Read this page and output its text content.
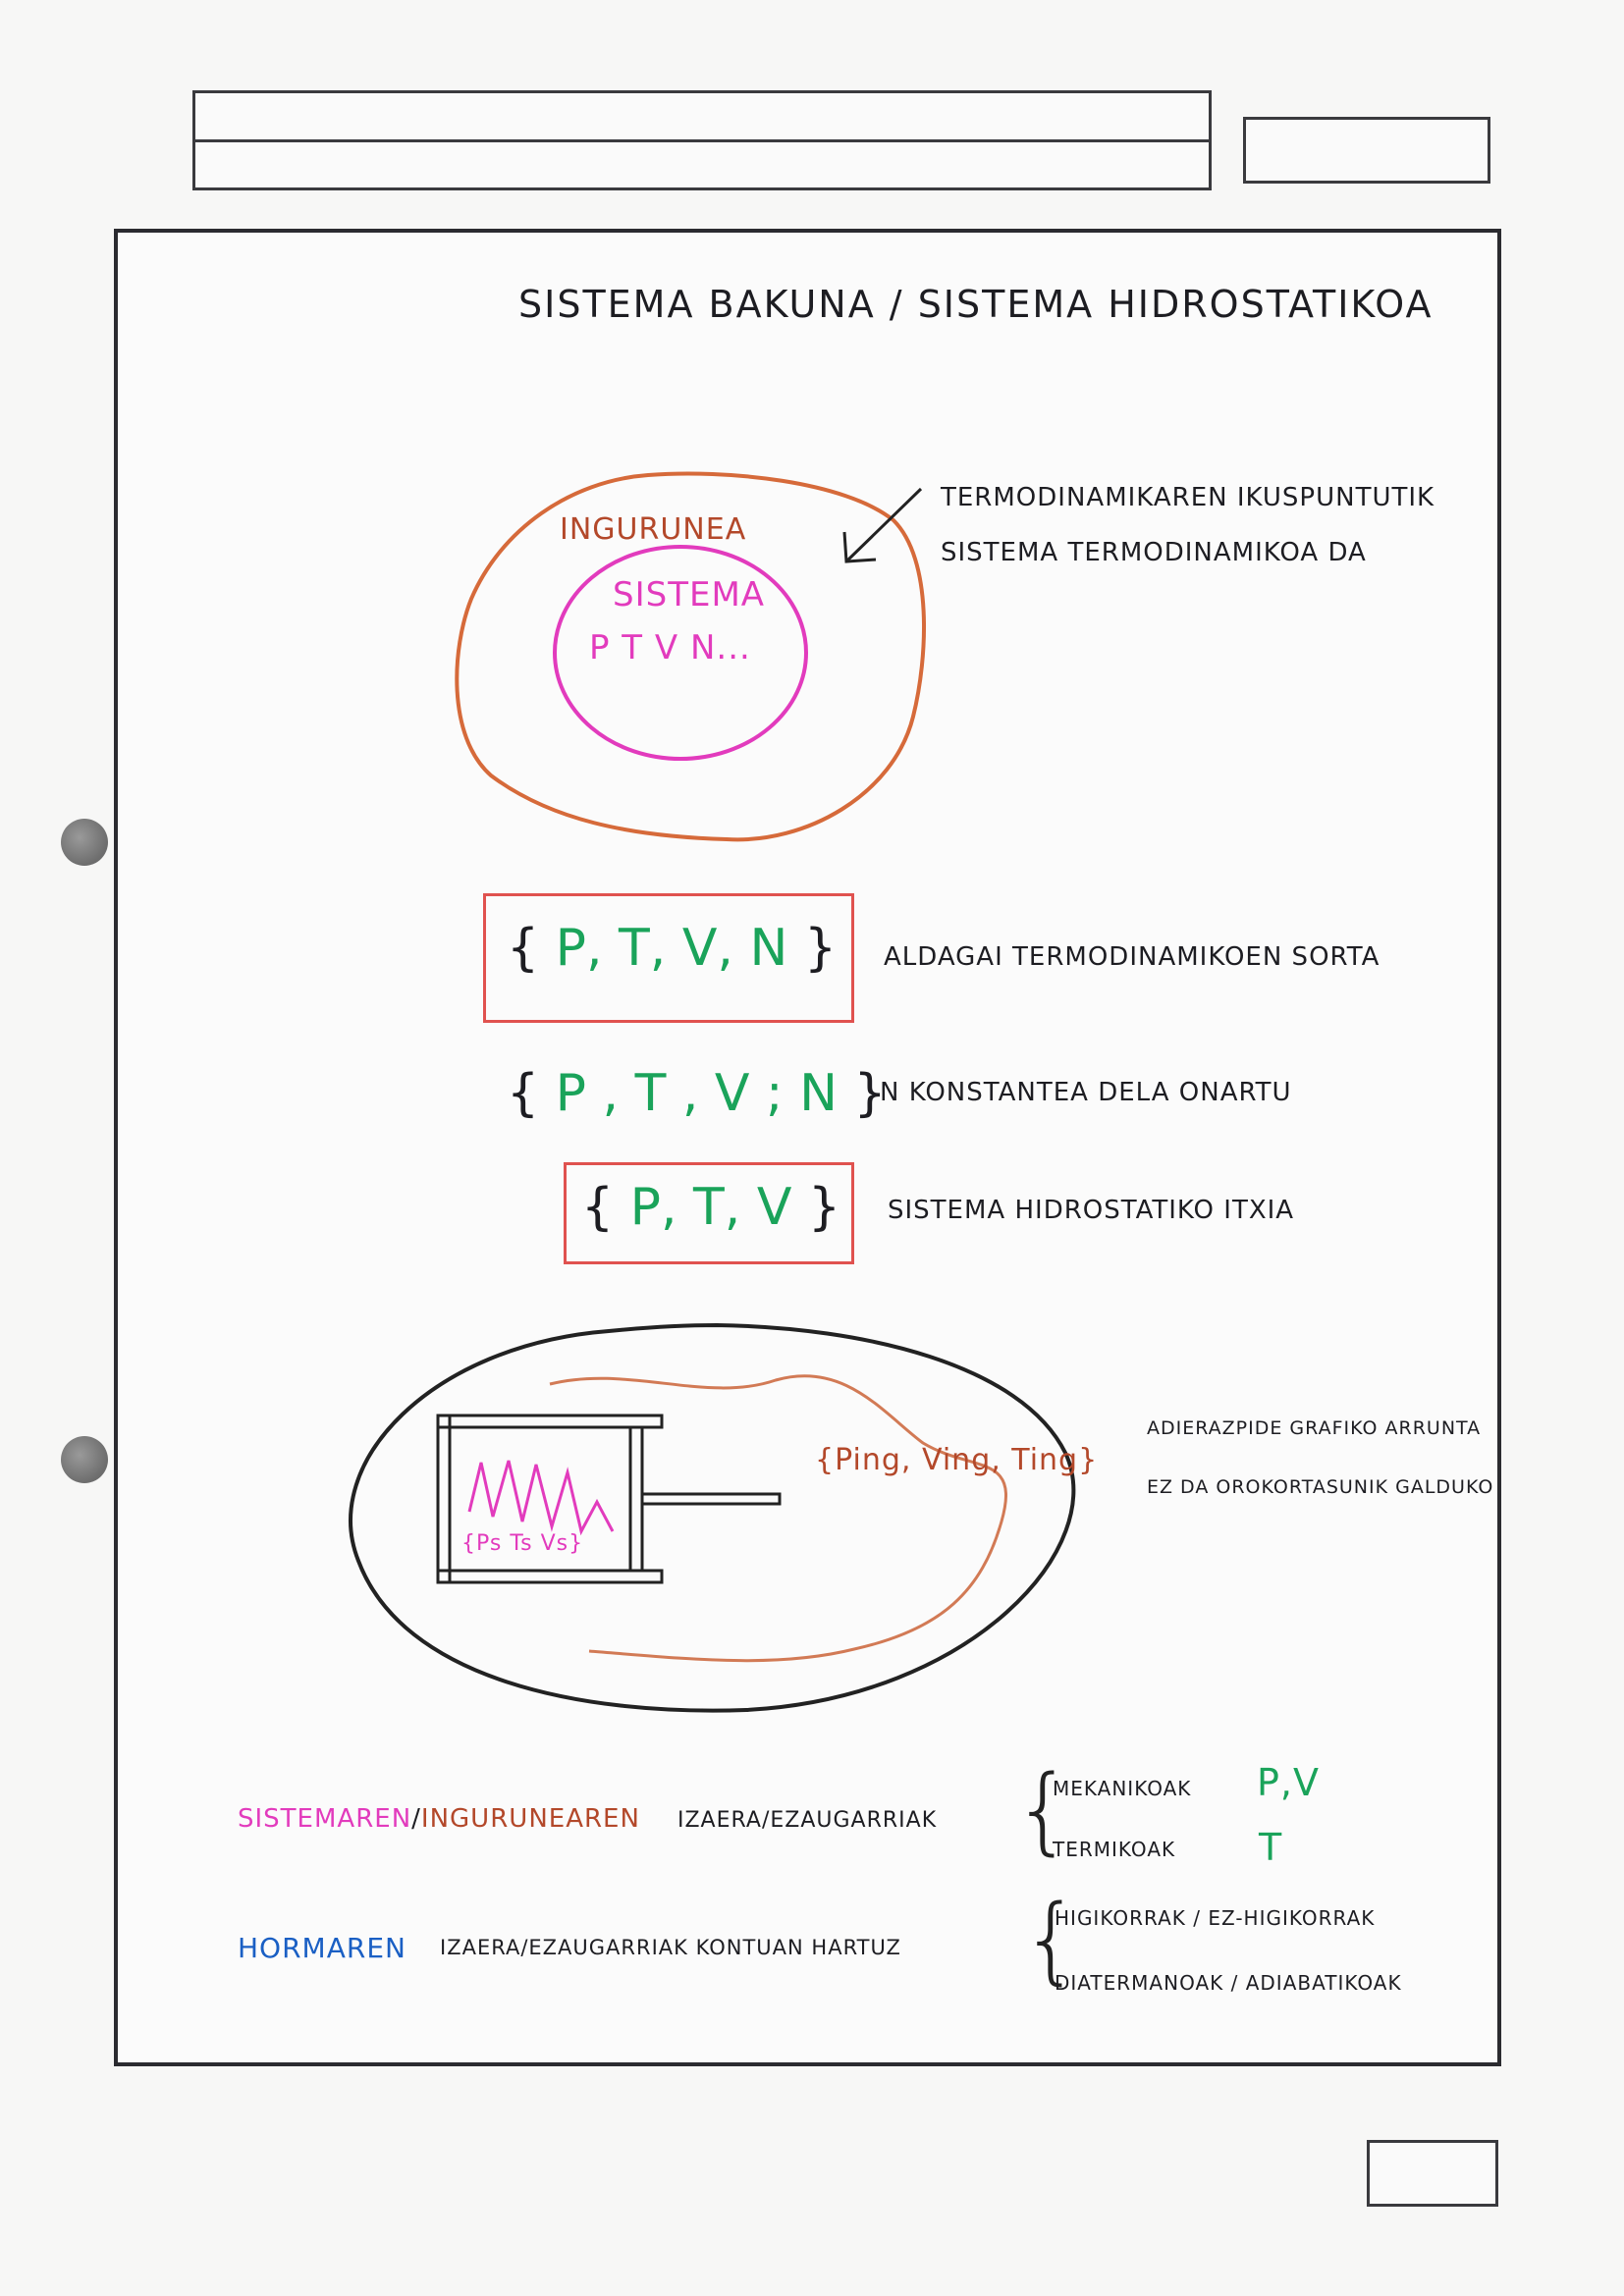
SISTEMA BAKUNA / SISTEMA HIDROSTATIKOA
INGURUNEA
SISTEMA
P T V N...
TERMODINAMIKAREN IKUSPUNTUTIK
SISTEMA TERMODINAMIKOA DA
{ P, T, V, N } ALDAGAI TERMODINAMIKOEN SORTA
{ P , T , V ; N }
N KONSTANTEA DELA ONARTU
{ P, T, V } SISTEMA HIDROSTATIKO ITXIA
{Ps Ts Vs}
{Ping, Ving, Ting}
ADIERAZPIDE GRAFIKO ARRUNTA
EZ DA OROKORTASUNIK GALDUKO
SISTEMAREN/INGURUNEAREN IZAERA/EZAUGARRIAK {
MEKANIKOAK P,V
TERMIKOAK T
HORMAREN IZAERA/EZAUGARRIAK KONTUAN HARTUZ {
HIGIKORRAK / EZ-HIGIKORRAK
DIATERMANOAK / ADIABATIKOAK
